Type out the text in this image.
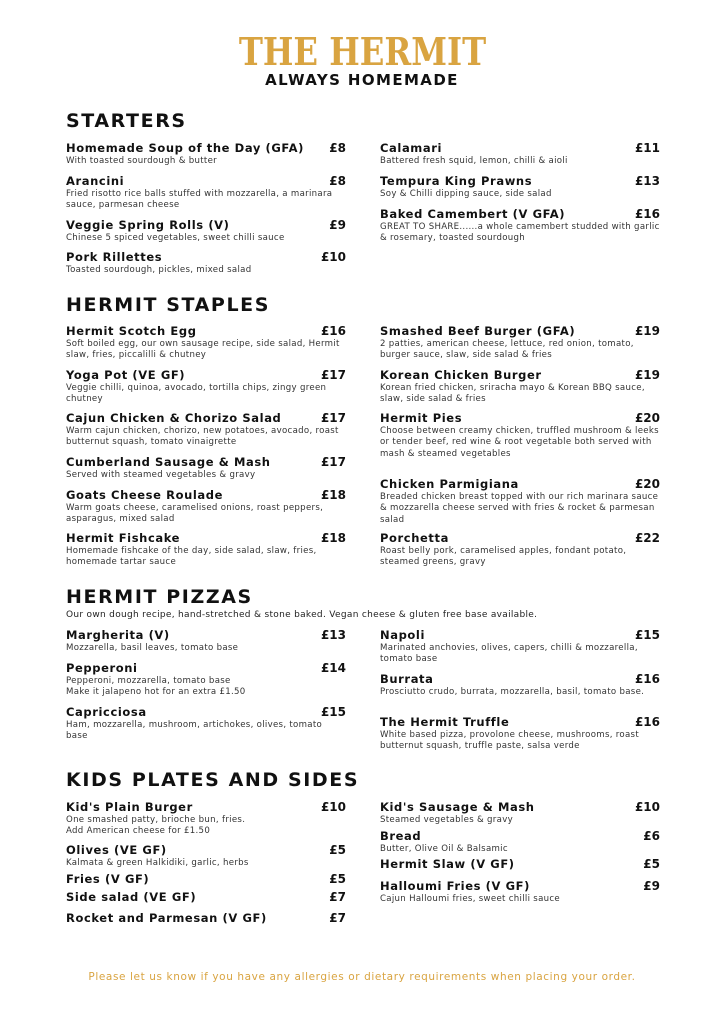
THE HERMIT
ALWAYS HOMEMADE
STARTERS
Homemade Soup of the Day (GFA) £8
With toasted sourdough & butter
Arancini	£8
Fried risotto rice balls stuffed with mozzarella, a marinara sauce, parmesan cheese
Veggie Spring Rolls (V)	£9
Chinese 5 spiced vegetables, sweet chilli sauce
Pork Rillettes	£10
Toasted sourdough, pickles, mixed salad
Calamari	£11
Battered fresh squid, lemon, chilli & aioli
Tempura King Prawns	£13
Soy & Chilli dipping sauce, side salad
Baked Camembert (V GFA)	£16
GREAT TO SHARE......a whole camembert studded with garlic & rosemary, toasted sourdough
HERMIT STAPLES
Hermit Scotch Egg	£16
Soft boiled egg, our own sausage recipe, side salad, Hermit slaw, fries, piccalilli & chutney
Yoga Pot (VE GF)	£17
Veggie chilli, quinoa, avocado, tortilla chips, zingy green chutney
Cajun Chicken & Chorizo Salad	£17
Warm cajun chicken, chorizo, new potatoes, avocado, roast butternut squash, tomato vinaigrette
Cumberland Sausage & Mash	£17
Served with steamed vegetables & gravy
Goats Cheese Roulade	£18
Warm goats cheese, caramelised onions, roast peppers, asparagus, mixed salad
Hermit Fishcake	£18
Homemade fishcake of the day, side salad, slaw, fries, homemade tartar sauce
Smashed Beef Burger (GFA)	£19
2 patties, american cheese, lettuce, red onion, tomato, burger sauce, slaw, side salad & fries
Korean Chicken Burger	£19
Korean fried chicken, sriracha mayo & Korean BBQ sauce, slaw, side salad & fries
Hermit Pies	£20
Choose between creamy chicken, truffled mushroom & leeks or tender beef, red wine & root vegetable both served with mash & steamed vegetables
Chicken Parmigiana	£20
Breaded chicken breast topped with our rich marinara sauce & mozzarella cheese served with fries & rocket & parmesan salad
Porchetta	£22
Roast belly pork, caramelised apples, fondant potato, steamed greens, gravy
HERMIT PIZZAS
Our own dough recipe, hand-stretched & stone baked. Vegan cheese & gluten free base available.
Margherita (V)	£13
Mozzarella, basil leaves, tomato base
Pepperoni	£14
Pepperoni, mozzarella, tomato base
Make it jalapeno hot for an extra £1.50
Capricciosa	£15
Ham, mozzarella, mushroom, artichokes, olives, tomato base
Napoli	£15
Marinated anchovies, olives, capers, chilli & mozzarella, tomato base
Burrata	£16
Prosciutto crudo, burrata, mozzarella, basil, tomato base.
The Hermit Truffle	£16
White based pizza, provolone cheese, mushrooms, roast butternut squash, truffle paste, salsa verde
KIDS PLATES AND SIDES
Kid's Plain Burger	£10
One smashed patty, brioche bun, fries.
Add American cheese for £1.50
Olives (VE GF)	£5
Kalmata & green Halkidiki, garlic, herbs
Fries (V GF)	£5
Side salad (VE GF)	£7
Rocket and Parmesan (V GF)	£7
Kid's Sausage & Mash	£10
Steamed vegetables & gravy
Bread	£6
Butter, Olive Oil & Balsamic
Hermit Slaw (V GF)	£5
Halloumi Fries (V GF)	£9
Cajun Halloumi fries, sweet chilli sauce
Please let us know if you have any allergies or dietary requirements when placing your order.
